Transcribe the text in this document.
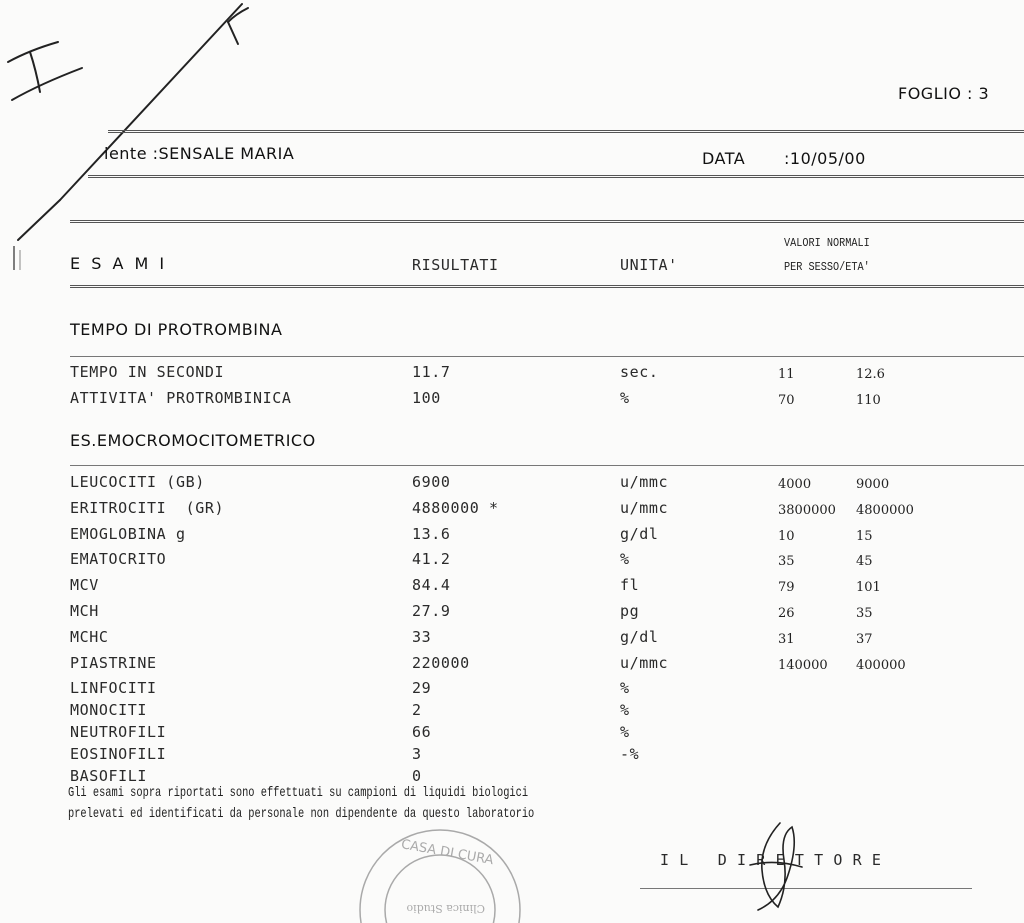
FOGLIO : 3
iente :SENSALE MARIA	DATA :10/05/00
E S A M I	RISULTATI	UNITA'
VALORI NORMALI
PER SESSO/ETA'
TEMPO DI PROTROMBINA
TEMPO IN SECONDI	11.7	sec.	11	12.6
ATTIVITA' PROTROMBINICA	100	%	70	110
ES.EMOCROMOCITOMETRICO
LEUCOCITI (GB)	6900	u/mmc	4000	9000
ERITROCITI  (GR)	4880000 *	u/mmc	3800000	4800000
EMOGLOBINA g	13.6	g/dl	10	15
EMATOCRITO	41.2	%	35	45
MCV	84.4	fl	79	101
MCH	27.9	pg	26	35
MCHC	33	g/dl	31	37
PIASTRINE	220000	u/mmc	140000	400000
LINFOCITI	29	%		
MONOCITI	2	%		
NEUTROFILI	66	%		
EOSINOFILI	3	-%		
BASOFILI	0			
Gli esami sopra riportati sono effettuati su campioni di liquidi biologici
prelevati ed identificati da personale non dipendente da questo laboratorio
I L   D I R E T T O R E
CASA DI CURA
Clinica Studio
